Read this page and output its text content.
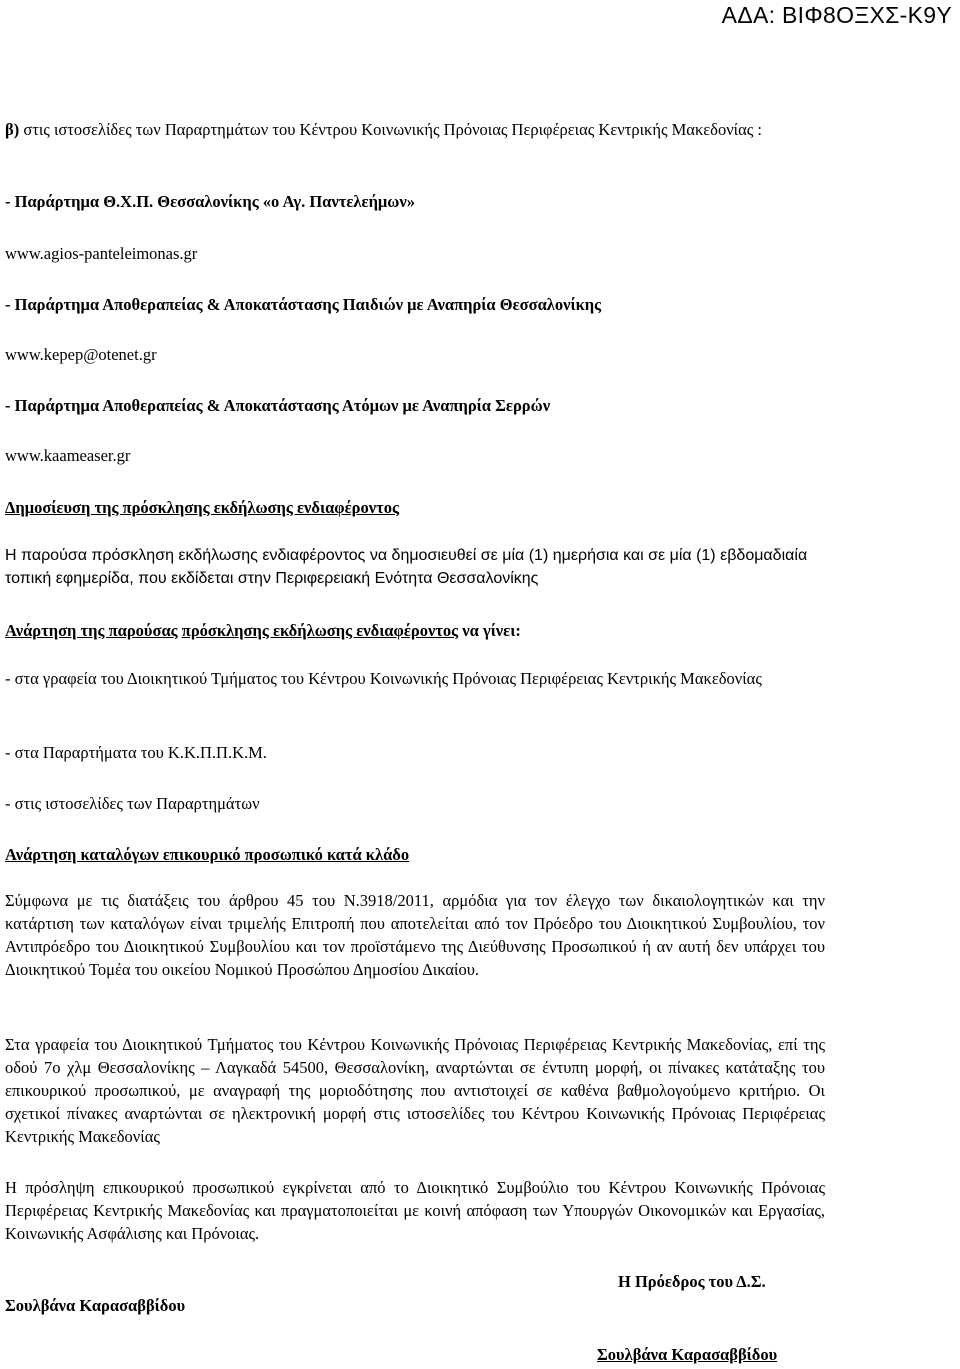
ΑΔΑ: ΒΙΦ8ΟΞΧΣ-Κ9Υ
β) στις ιστοσελίδες των Παραρτημάτων του Κέντρου Κοινωνικής Πρόνοιας Περιφέρειας Κεντρικής Μακεδονίας :
- Παράρτημα Θ.Χ.Π. Θεσσαλονίκης «ο Αγ. Παντελεήμων»
www.agios-panteleimonas.gr
- Παράρτημα Αποθεραπείας & Αποκατάστασης Παιδιών με Αναπηρία Θεσσαλονίκης
www.kepep@otenet.gr
- Παράρτημα Αποθεραπείας & Αποκατάστασης Ατόμων με Αναπηρία Σερρών
www.kaameaser.gr
Δημοσίευση της πρόσκλησης εκδήλωσης ενδιαφέροντος
Η παρούσα πρόσκληση εκδήλωσης ενδιαφέροντος να δημοσιευθεί σε μία (1) ημερήσια και σε μία (1) εβδομαδιαία τοπική εφημερίδα, που εκδίδεται στην Περιφερειακή Ενότητα Θεσσαλονίκης
Ανάρτηση της παρούσας πρόσκλησης εκδήλωσης ενδιαφέροντος να γίνει:
- στα γραφεία του Διοικητικού Τμήματος του Κέντρου Κοινωνικής Πρόνοιας Περιφέρειας Κεντρικής Μακεδονίας
- στα Παραρτήματα του Κ.Κ.Π.Π.Κ.Μ.
- στις ιστοσελίδες των Παραρτημάτων
Ανάρτηση καταλόγων επικουρικό προσωπικό κατά κλάδο
Σύμφωνα με τις διατάξεις του άρθρου 45 του Ν.3918/2011, αρμόδια για τον έλεγχο των δικαιολογητικών και την κατάρτιση των καταλόγων είναι τριμελής Επιτροπή που αποτελείται από τον Πρόεδρο του Διοικητικού Συμβουλίου, τον Αντιπρόεδρο του Διοικητικού Συμβουλίου και τον προϊστάμενο της Διεύθυνσης Προσωπικού ή αν αυτή δεν υπάρχει του Διοικητικού Τομέα του οικείου Νομικού Προσώπου Δημοσίου Δικαίου.
Στα γραφεία του Διοικητικού Τμήματος του Κέντρου Κοινωνικής Πρόνοιας Περιφέρειας Κεντρικής Μακεδονίας, επί της οδού 7ο χλμ Θεσσαλονίκης – Λαγκαδά 54500, Θεσσαλονίκη, αναρτώνται σε έντυπη μορφή, οι πίνακες κατάταξης του επικουρικού προσωπικού, με αναγραφή της μοριοδότησης που αντιστοιχεί σε καθένα βαθμολογούμενο κριτήριο. Οι σχετικοί πίνακες αναρτώνται σε ηλεκτρονική μορφή στις ιστοσελίδες του Κέντρου Κοινωνικής Πρόνοιας Περιφέρειας Κεντρικής Μακεδονίας
Η πρόσληψη επικουρικού προσωπικού εγκρίνεται από το Διοικητικό Συμβούλιο του Κέντρου Κοινωνικής Πρόνοιας Περιφέρειας Κεντρικής Μακεδονίας και πραγματοποιείται με κοινή απόφαση των Υπουργών Οικονομικών και Εργασίας, Κοινωνικής Ασφάλισης και Πρόνοιας.
Η Πρόεδρος του Δ.Σ.
Σουλβάνα Καρασαββίδου
Σουλβάνα Καρασαββίδου
